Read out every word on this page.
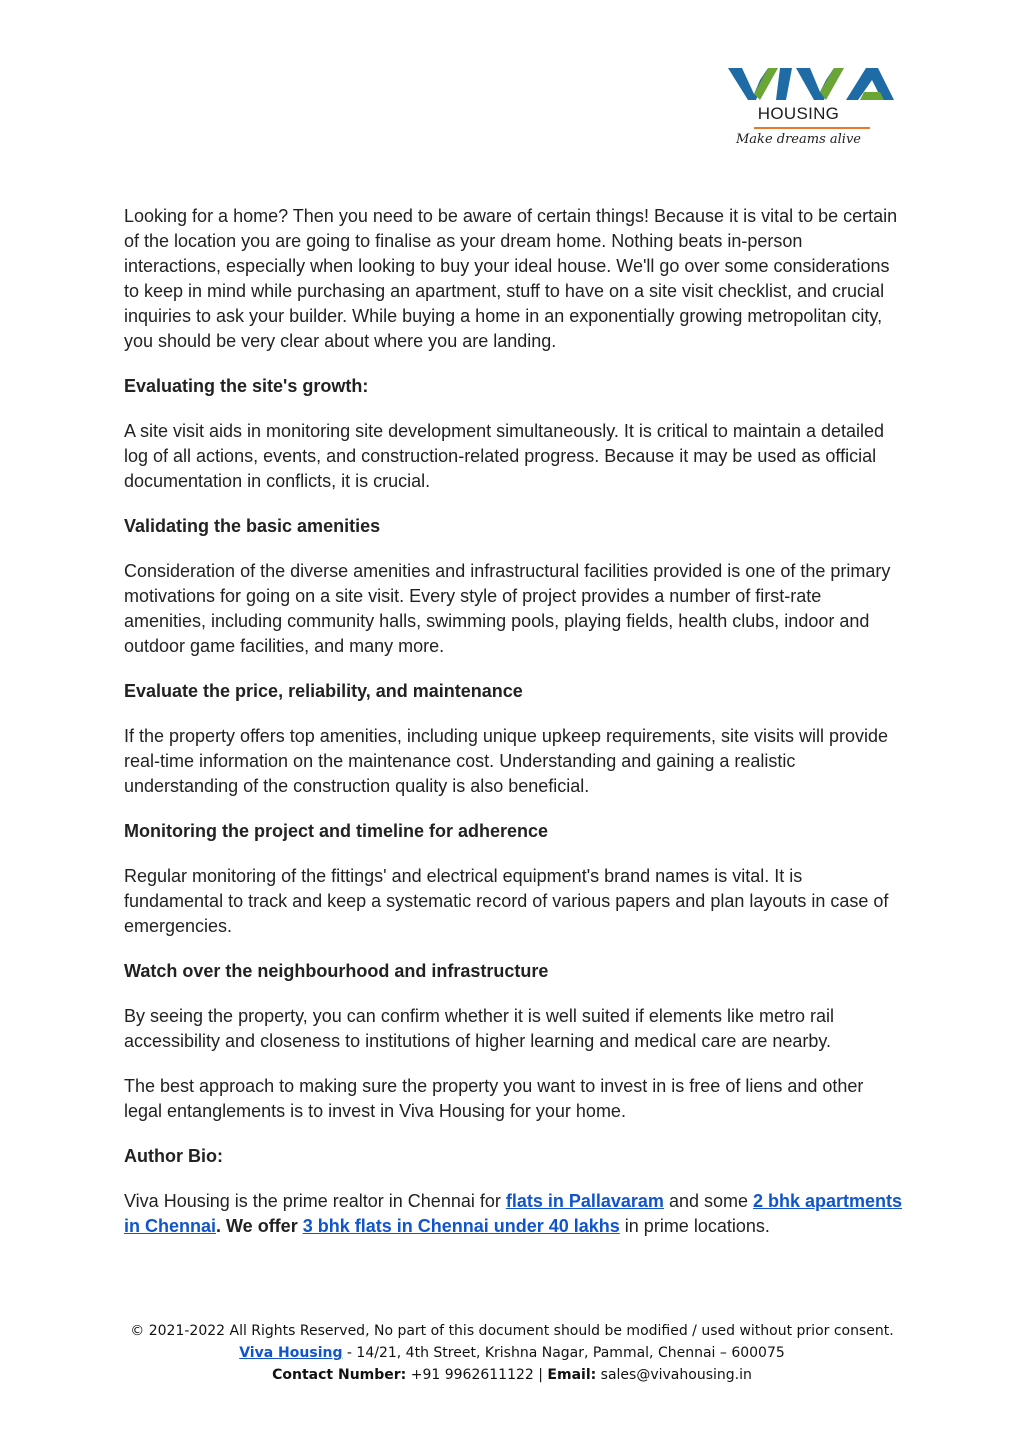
HOUSING
Make dreams alive

Looking for a home? Then you need to be aware of certain things! Because it is vital to be certain of the location you are going to finalise as your dream home. Nothing beats in-person interactions, especially when looking to buy your ideal house. We'll go over some considerations to keep in mind while purchasing an apartment, stuff to have on a site visit checklist, and crucial inquiries to ask your builder. While buying a home in an exponentially growing metropolitan city, you should be very clear about where you are landing.

Evaluating the site's growth:

A site visit aids in monitoring site development simultaneously. It is critical to maintain a detailed log of all actions, events, and construction-related progress. Because it may be used as official documentation in conflicts, it is crucial.

Validating the basic amenities

Consideration of the diverse amenities and infrastructural facilities provided is one of the primary motivations for going on a site visit. Every style of project provides a number of first-rate amenities, including community halls, swimming pools, playing fields, health clubs, indoor and outdoor game facilities, and many more.

Evaluate the price, reliability, and maintenance

If the property offers top amenities, including unique upkeep requirements, site visits will provide real-time information on the maintenance cost. Understanding and gaining a realistic understanding of the construction quality is also beneficial.

Monitoring the project and timeline for adherence

Regular monitoring of the fittings' and electrical equipment's brand names is vital. It is fundamental to track and keep a systematic record of various papers and plan layouts in case of emergencies.

Watch over the neighbourhood and infrastructure

By seeing the property, you can confirm whether it is well suited if elements like metro rail accessibility and closeness to institutions of higher learning and medical care are nearby.

The best approach to making sure the property you want to invest in is free of liens and other legal entanglements is to invest in Viva Housing for your home.

Author Bio:

Viva Housing is the prime realtor in Chennai for flats in Pallavaram and some 2 bhk apartments in Chennai. We offer 3 bhk flats in Chennai under 40 lakhs in prime locations.

© 2021-2022 All Rights Reserved, No part of this document should be modified / used without prior consent.
Viva Housing - 14/21, 4th Street, Krishna Nagar, Pammal, Chennai – 600075
Contact Number: +91 9962611122 | Email: sales@vivahousing.in
